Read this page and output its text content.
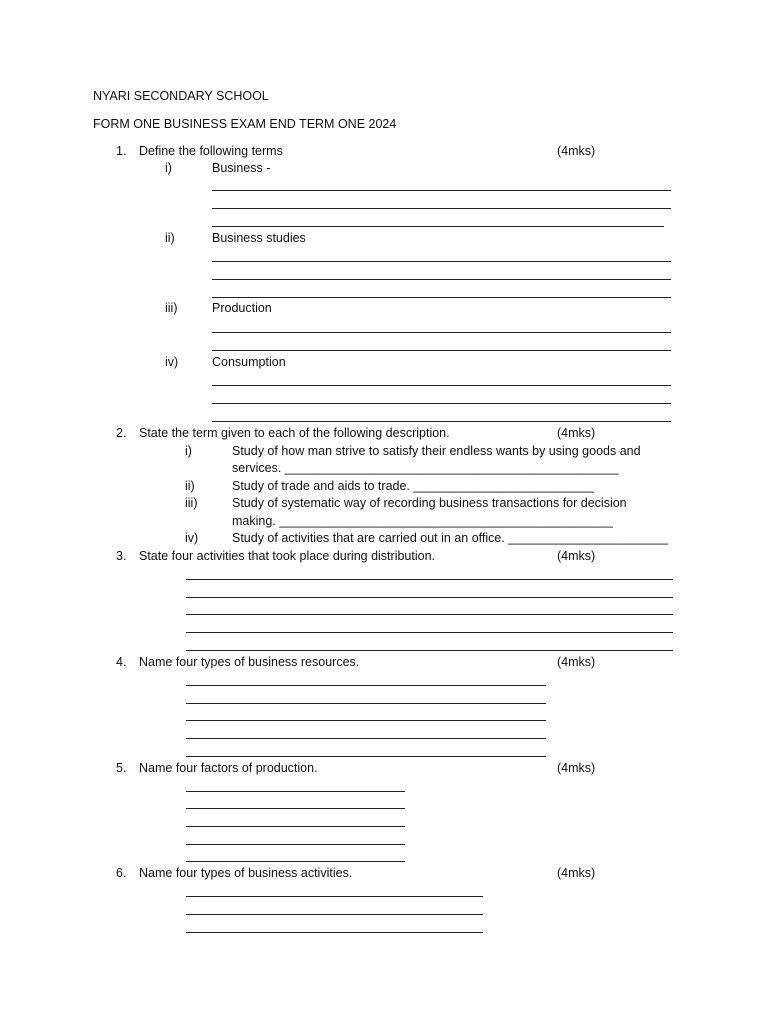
NYARI SECONDARY SCHOOL
FORM ONE BUSINESS EXAM END TERM ONE 2024
1. Define the following terms	(4mks)
i)	Business -
ii)	Business studies
iii)	Production
iv)	Consumption
2. State the term given to each of the following description.	(4mks)
i)	Study of how man strive to satisfy their endless wants by using goods and
services. ________________________________________________
ii)	Study of trade and aids to trade. __________________________
iii)	Study of systematic way of recording business transactions for decision
making. ________________________________________________
iv)	Study of activities that are carried out in an office. _______________________
3. State four activities that took place during distribution.	(4mks)
4. Name four types of business resources.	(4mks)
5. Name four factors of production.	(4mks)
6. Name four types of business activities.	(4mks)
